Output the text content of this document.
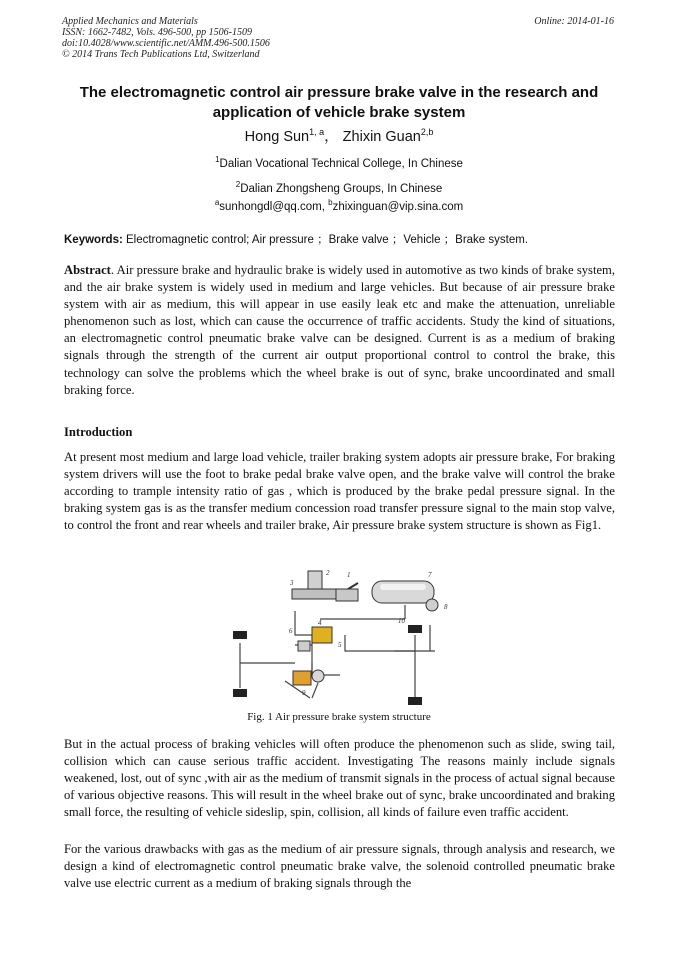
Applied Mechanics and Materials
ISSN: 1662-7482, Vols. 496-500, pp 1506-1509
doi:10.4028/www.scientific.net/AMM.496-500.1506
© 2014 Trans Tech Publications Ltd, Switzerland
Online: 2014-01-16
The electromagnetic control air pressure brake valve in the research and
application of vehicle brake system
Hong Sun$^{1, a}$， Zhixin Guan$^{2,b}$
$^1$Dalian Vocational Technical College, In Chinese
$^2$Dalian Zhongsheng Groups, In Chinese
$^a$sunhongdl@qq.com, $^b$zhixinguan@vip.sina.com
Keywords: Electromagnetic control; Air pressure ；Brake valve ；Vehicle ；Brake system.
Abstract. Air pressure brake and hydraulic brake is widely used in automotive as two kinds of brake system, and the air brake system is widely used in medium and large vehicles. But because of air pressure brake system with air as medium, this will appear in use easily leak etc and make the attenuation, unreliable phenomenon such as lost, which can cause the occurrence of traffic accidents. Study the kind of situations, an electromagnetic control pneumatic brake valve can be designed. Current is as a medium of braking signals through the strength of the current air output proportional control to control the brake, this technology can solve the problems which the wheel brake is out of sync, brake uncoordinated and small braking force.
Introduction
At present most medium and large load vehicle, trailer braking system adopts air pressure brake, For braking system drivers will use the foot to brake pedal brake valve open, and the brake valve will control the brake according to trample intensity ratio of gas , which is produced by the brake pedal pressure signal. In the braking system gas is as the transfer medium concession road transfer pressure signal to the main stop valve, to control the front and rear wheels and trailer brake, Air pressure brake system structure is shown as Fig1.
1
2
3
4
5
6
7
8
9
10
Fig. 1 Air pressure brake system structure
But in the actual process of braking vehicles will often produce the phenomenon such as slide, swing tail, collision which can cause serious traffic accident. Investigating The reasons mainly include signals weakened, lost, out of sync ,with air as the medium of transmit signals in the process of actual signal because of various objective reasons. This will result in the wheel brake out of sync, brake uncoordinated and braking small force, the resulting of vehicle sideslip, spin, collision, all kinds of failure even traffic accident.
For the various drawbacks with gas as the medium of air pressure signals, through analysis and research, we design a kind of electromagnetic control pneumatic brake valve, the solenoid controlled pneumatic brake valve use electric current as a medium of braking signals through the
